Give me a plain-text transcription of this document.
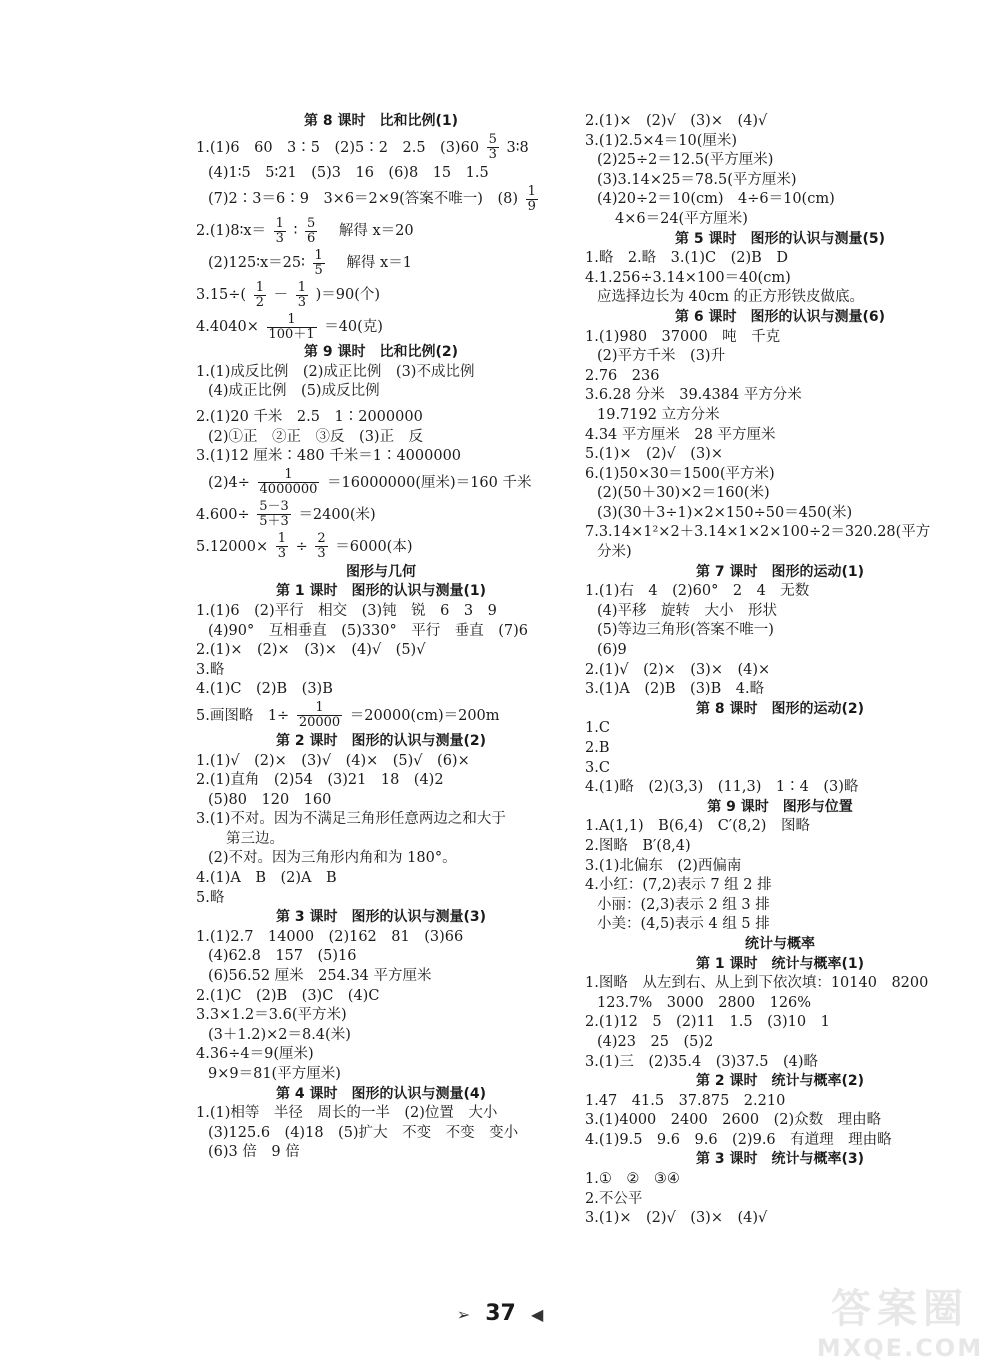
第 8 课时　比和比例(1)
1.(1)6　60　3∶5　(2)5∶2　2.5　$(3)60 \frac{5}{3}$ 3∶8
(4)1∶5　5∶21　(5)3　16　(6)8　15　1.5
(7)2∶3＝6∶9　3×6＝2×9(答案不唯一)　$(8) \frac{1}{9}$
2.(1)8∶x＝ $\frac{1}{3}$ ∶ $\frac{5}{6}$ 解得 x＝20
(2)125∶x＝25∶ $\frac{1}{5}$ 解得 x＝1
$3.15\div( \frac{1}{2} - \frac{1}{3} )=90$(个)
$4.4040\times \frac{1}{100+1} =40$(克)
第 9 课时　比和比例(2)
1.(1)成反比例　(2)成正比例　(3)不成比例
(4)成正比例　(5)成反比例
2.(1)20 千米　2.5　1∶2000000
(2)①正　②正　③反　(3)正　反
3.(1)12 厘米∶480 千米＝1∶4000000
$(2)4\div \frac{1}{4000000} =16000000$(厘米)＝160 千米
$4.600\div \frac{5-3}{5+3} =2400$(米)
$5.12000\times \frac{1}{3} \div \frac{2}{3} =6000$(本)
图形与几何
第 1 课时　图形的认识与测量(1)
1.(1)6　(2)平行　相交　(3)钝　锐　6　3　9
(4)90°　互相垂直　(5)330°　平行　垂直　(7)6
2.(1)×　(2)×　(3)×　(4)√　(5)√
3.略
4.(1)C　(2)B　(3)B
5.画图略　$1\div \frac{1}{20000} =20000(cm)=200m$
第 2 课时　图形的认识与测量(2)
1.(1)√　(2)×　(3)√　(4)×　(5)√　(6)×
2.(1)直角　(2)54　(3)21　18　(4)2
(5)80　120　160
3.(1)不对。因为不满足三角形任意两边之和大于
第三边。
(2)不对。因为三角形内角和为 180°。
4.(1)A　B　(2)A　B
5.略
第 3 课时　图形的认识与测量(3)
1.(1)2.7　14000　(2)162　81　(3)66
(4)62.8　157　(5)16
(6)56.52 厘米　254.34 平方厘米
2.(1)C　(2)B　(3)C　(4)C
3.3×1.2＝3.6(平方米)
(3＋1.2)×2＝8.4(米)
4.36÷4＝9(厘米)
9×9＝81(平方厘米)
第 4 课时　图形的认识与测量(4)
1.(1)相等　半径　周长的一半　(2)位置　大小
(3)125.6　(4)18　(5)扩大　不变　不变　变小
(6)3 倍　9 倍
2.(1)×　(2)√　(3)×　(4)√
3.(1)2.5×4＝10(厘米)
(2)25÷2＝12.5(平方厘米)
(3)3.14×25＝78.5(平方厘米)
(4)20÷2＝10(cm)　4÷6＝10(cm)
4×6＝24(平方厘米)
第 5 课时　图形的认识与测量(5)
1.略　2.略　3.(1)C　(2)B　D
4.1.256÷3.14×100＝40(cm)
应选择边长为 40cm 的正方形铁皮做底。
第 6 课时　图形的认识与测量(6)
1.(1)980　37000　吨　千克
(2)平方千米　(3)升
2.76　236
3.6.28 分米　39.4384 平方分米
19.7192 立方分米
4.34 平方厘米　28 平方厘米
5.(1)×　(2)√　(3)×
6.(1)50×30＝1500(平方米)
(2)(50＋30)×2＝160(米)
(3)(30＋3÷1)×2×150÷50＝450(米)
7.3.14×1²×2＋3.14×1×2×100÷2＝320.28(平方
分米)
第 7 课时　图形的运动(1)
1.(1)右　4　(2)60°　2　4　无数
(4)平移　旋转　大小　形状
(5)等边三角形(答案不唯一)
(6)9
2.(1)√　(2)×　(3)×　(4)×
3.(1)A　(2)B　(3)B　4.略
第 8 课时　图形的运动(2)
1.C
2.B
3.C
4.(1)略　(2)(3,3)　(11,3)　1∶4　(3)略
第 9 课时　图形与位置
1.A(1,1)　B(6,4)　C′(8,2)　图略
2.图略　B′(8,4)
3.(1)北偏东　(2)西偏南
4.小红：(7,2)表示 7 组 2 排
小丽：(2,3)表示 2 组 3 排
小美：(4,5)表示 4 组 5 排
统计与概率
第 1 课时　统计与概率(1)
1.图略　从左到右、从上到下依次填：10140　8200
123.7%　3000　2800　126%
2.(1)12　5　(2)11　1.5　(3)10　1
(4)23　25　(5)2
3.(1)三　(2)35.4　(3)37.5　(4)略
第 2 课时　统计与概率(2)
1.47　41.5　37.875　2.210
3.(1)4000　2400　2600　(2)众数　理由略
4.(1)9.5　9.6　9.6　(2)9.6　有道理　理由略
第 3 课时　统计与概率(3)
1.①　②　③④
2.不公平
3.(1)×　(2)√　(3)×　(4)√
➢ 37 ◀	答案圈
MXQE.COM
